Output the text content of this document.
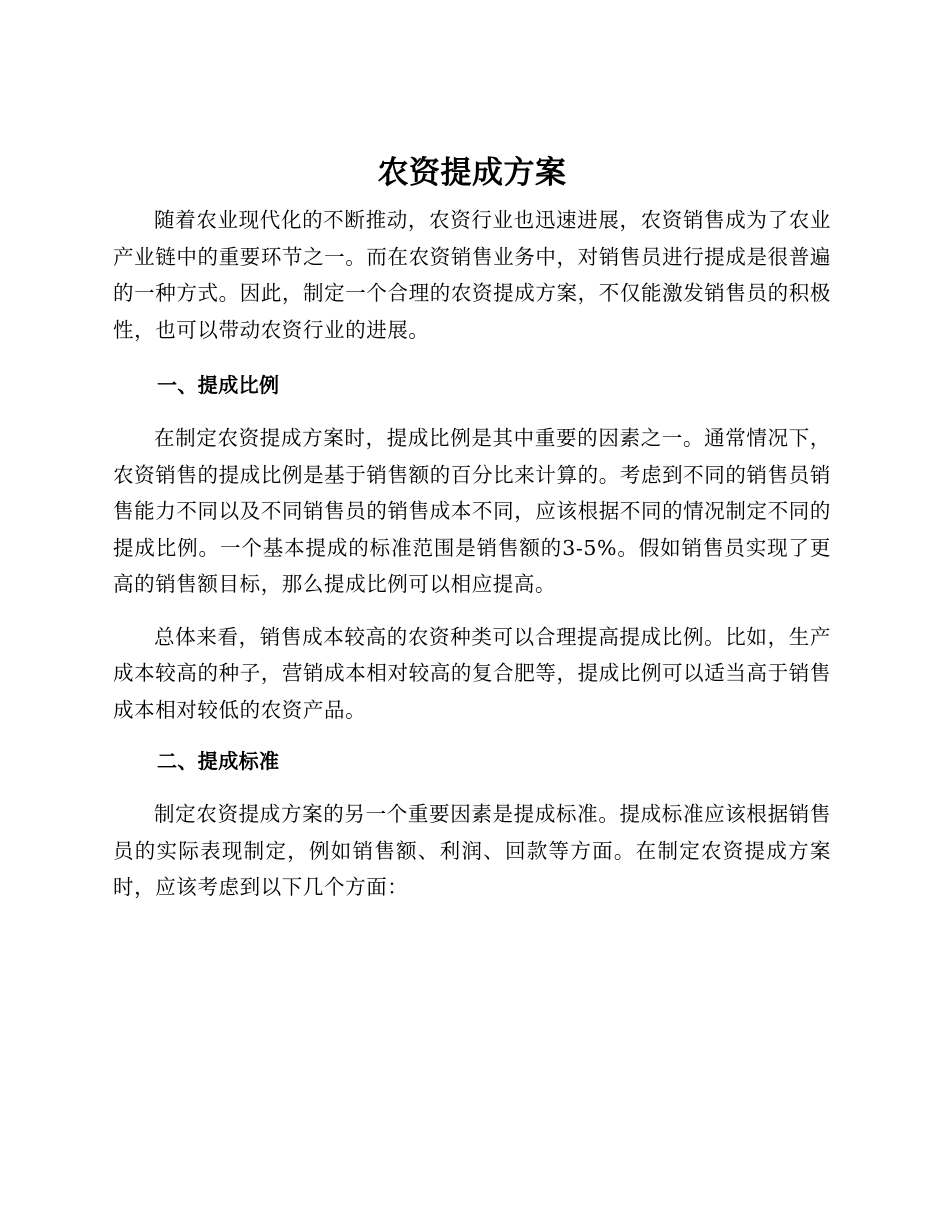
农资提成方案

随着农业现代化的不断推动，农资行业也迅速进展，农资销售成为了农业产业链中的重要环节之一。而在农资销售业务中，对销售员进行提成是很普遍的一种方式。因此，制定一个合理的农资提成方案，不仅能激发销售员的积极性，也可以带动农资行业的进展。

一、提成比例

在制定农资提成方案时，提成比例是其中重要的因素之一。通常情况下，农资销售的提成比例是基于销售额的百分比来计算的。考虑到不同的销售员销售能力不同以及不同销售员的销售成本不同，应该根据不同的情况制定不同的提成比例。一个基本提成的标准范围是销售额的3-5%。假如销售员实现了更高的销售额目标，那么提成比例可以相应提高。

总体来看，销售成本较高的农资种类可以合理提高提成比例。比如，生产成本较高的种子，营销成本相对较高的复合肥等，提成比例可以适当高于销售成本相对较低的农资产品。

二、提成标准

制定农资提成方案的另一个重要因素是提成标准。提成标准应该根据销售员的实际表现制定，例如销售额、利润、回款等方面。在制定农资提成方案时，应该考虑到以下几个方面：
